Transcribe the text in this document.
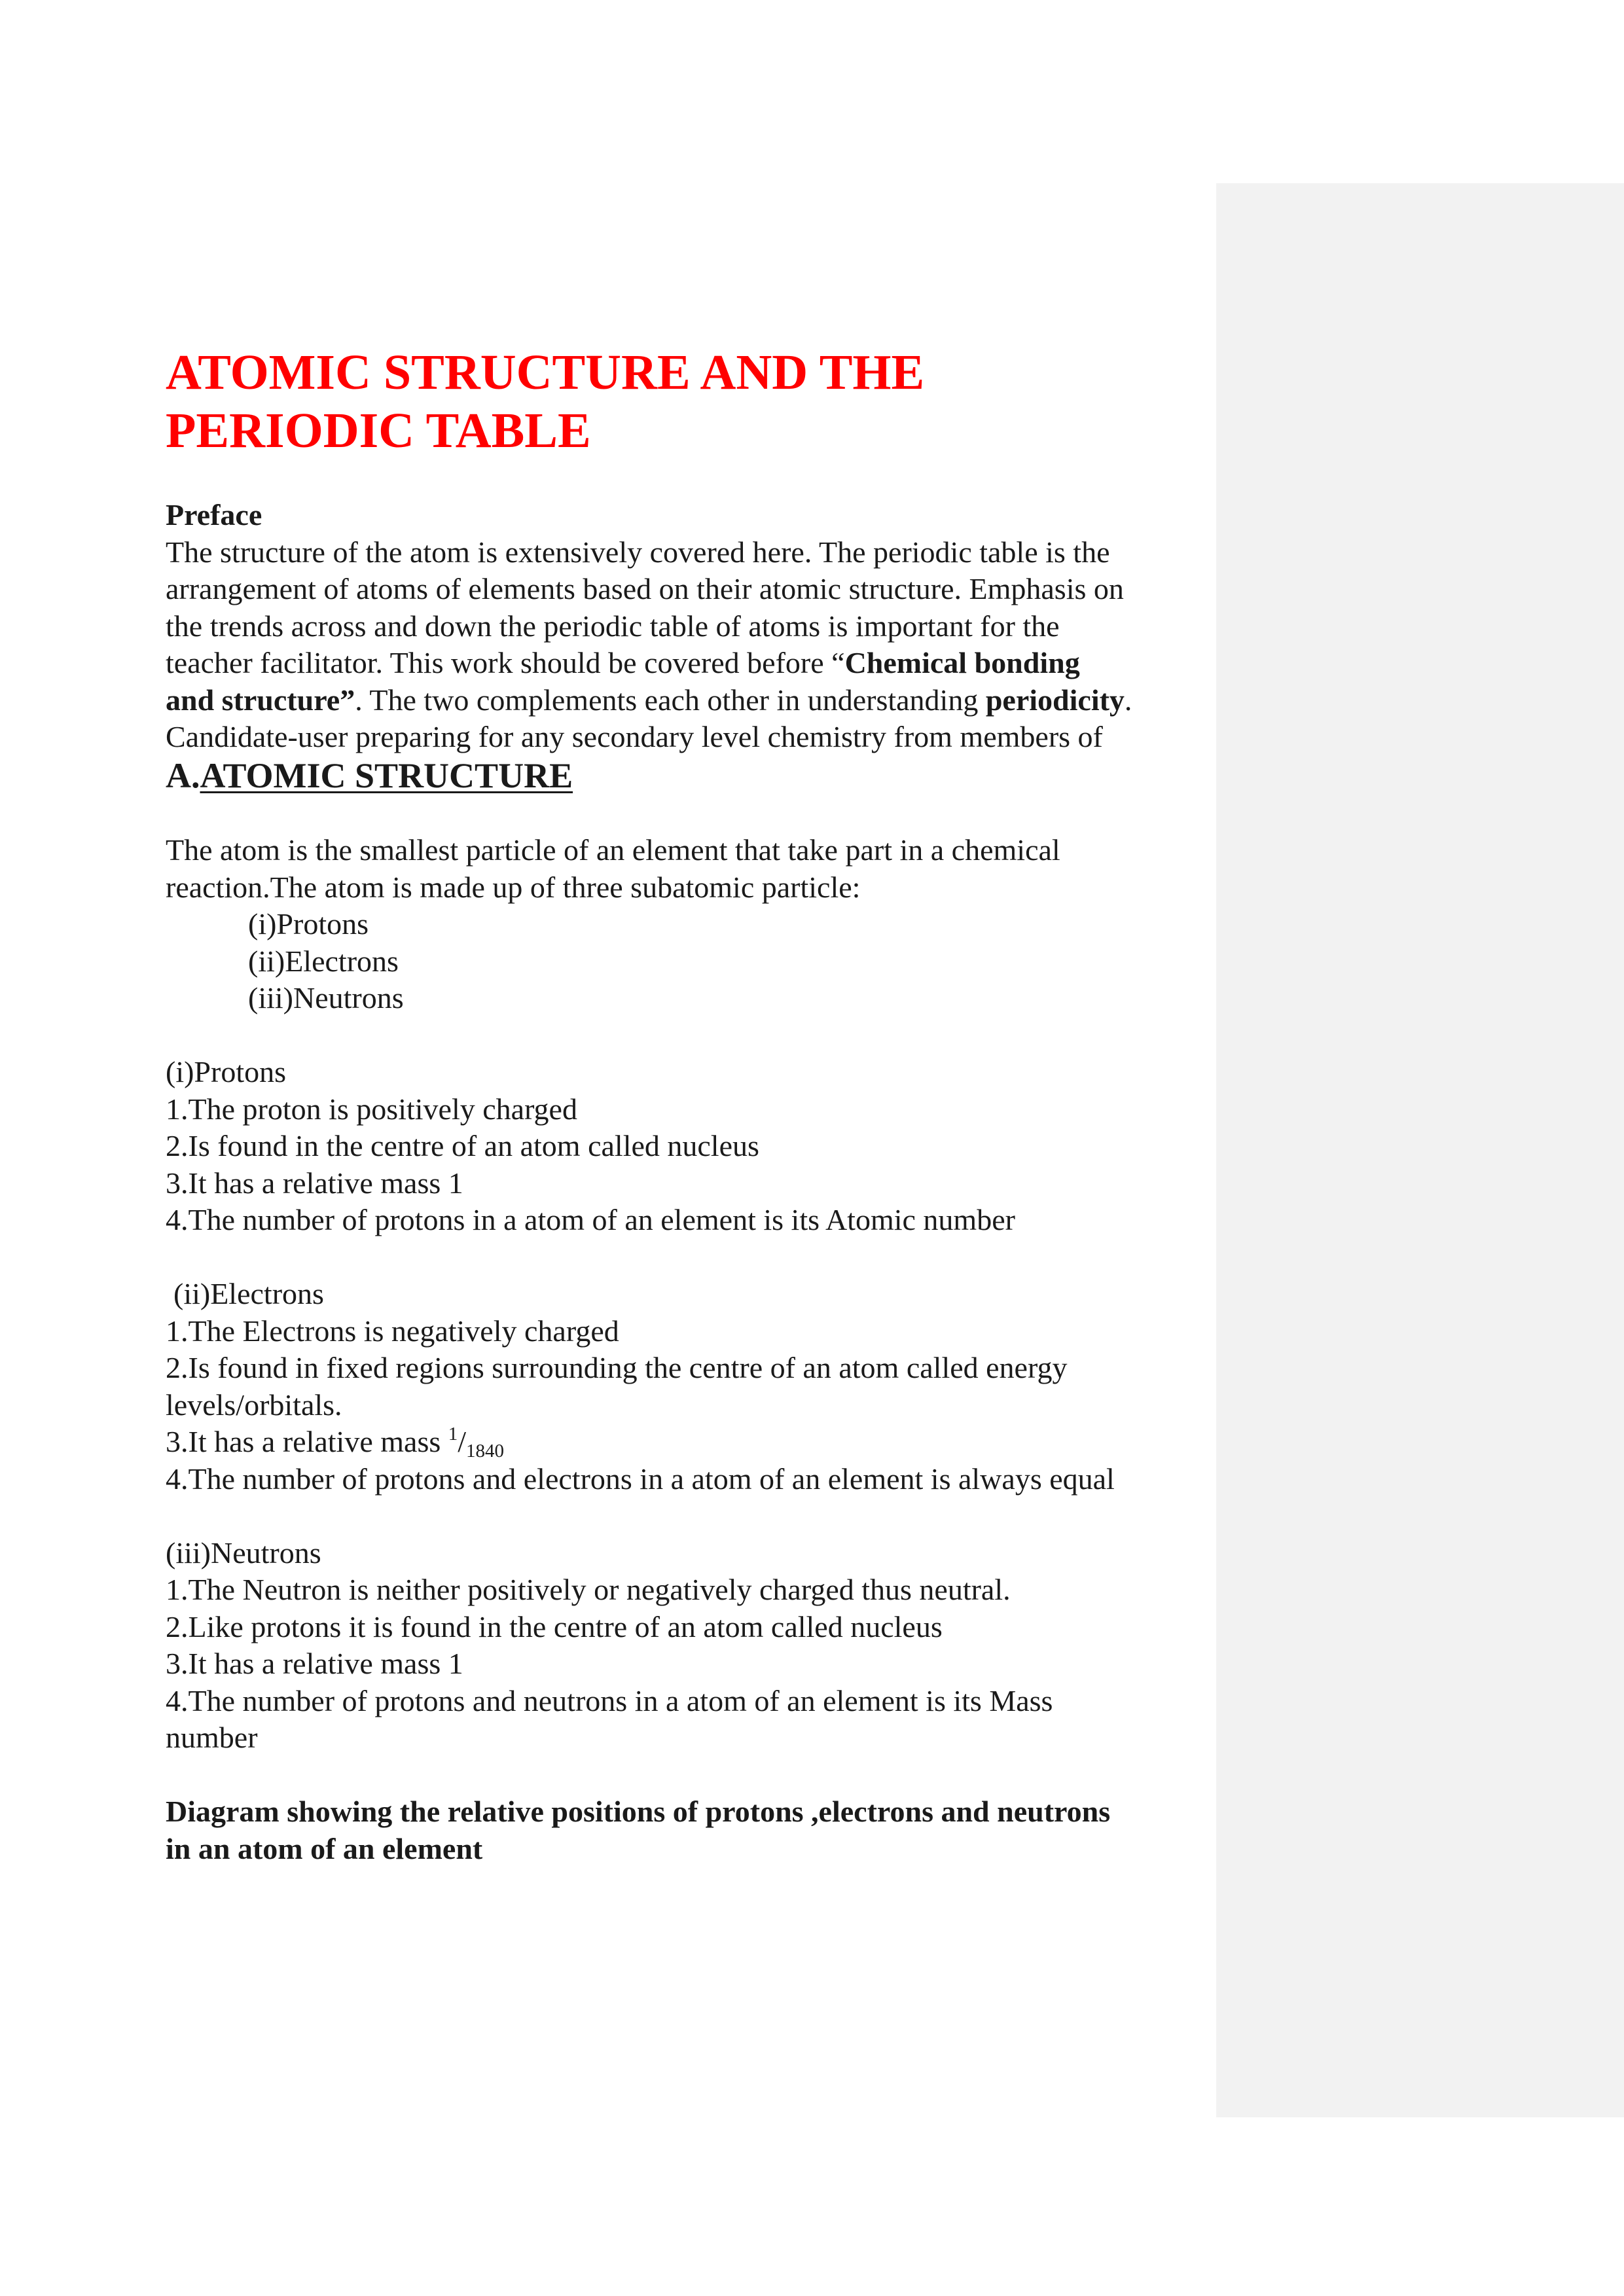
ATOMIC STRUCTURE AND THE
PERIODIC TABLE
Preface
The structure of the atom is extensively covered here. The periodic table is the
arrangement of atoms of elements based on their atomic structure. Emphasis on
the trends across and down the periodic table of atoms is important for the
teacher facilitator. This work should be covered before “Chemical bonding
and structure”. The two complements each other in understanding periodicity.
Candidate-user preparing for any secondary level chemistry from members of
A.ATOMIC STRUCTURE
The atom is the smallest particle of an element that take part in a chemical
reaction.The atom is made up of three subatomic particle:
(i)Protons
(ii)Electrons
(iii)Neutrons
(i)Protons
1.The proton is positively charged
2.Is found in the centre of an atom called nucleus
3.It has a relative mass 1
4.The number of protons in a atom of an element is its Atomic number
(ii)Electrons
1.The Electrons is negatively charged
2.Is found in fixed regions surrounding the centre of an atom called energy
levels/orbitals.
3.It has a relative mass $^1/_{1840}$
4.The number of protons and electrons in a atom of an element is always equal
(iii)Neutrons
1.The Neutron is neither positively or negatively charged thus neutral.
2.Like protons it is found in the centre of an atom called nucleus
3.It has a relative mass 1
4.The number of protons and neutrons in a atom of an element is its Mass
number
Diagram showing the relative positions of protons ,electrons and neutrons
in an atom of an element
